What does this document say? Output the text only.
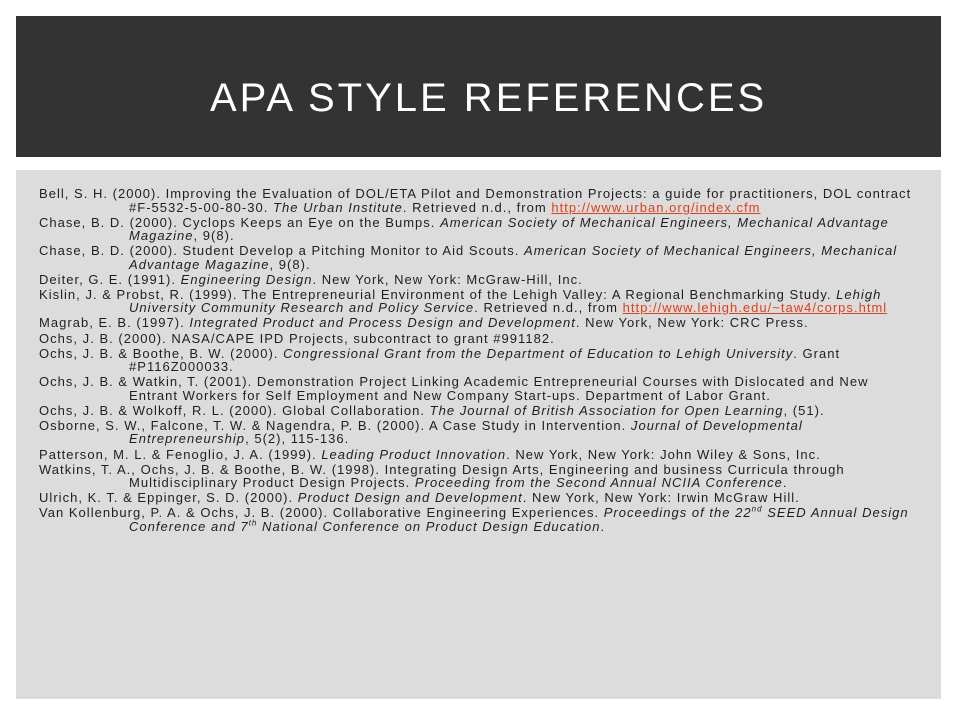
APA STYLE REFERENCES
Bell, S. H. (2000). Improving the Evaluation of DOL/ETA Pilot and Demonstration Projects: a guide for practitioners, DOL contract #F-5532-5-00-80-30. The Urban Institute. Retrieved n.d., from http://www.urban.org/index.cfm
Chase, B. D. (2000). Cyclops Keeps an Eye on the Bumps. American Society of Mechanical Engineers, Mechanical Advantage Magazine, 9(8).
Chase, B. D. (2000). Student Develop a Pitching Monitor to Aid Scouts. American Society of Mechanical Engineers, Mechanical Advantage Magazine, 9(8).
Deiter, G. E. (1991). Engineering Design. New York, New York: McGraw-Hill, Inc.
Kislin, J. & Probst, R. (1999). The Entrepreneurial Environment of the Lehigh Valley: A Regional Benchmarking Study. Lehigh University Community Research and Policy Service. Retrieved n.d., from http://www.lehigh.edu/~taw4/corps.html
Magrab, E. B. (1997). Integrated Product and Process Design and Development. New York, New York: CRC Press.
Ochs, J. B. (2000). NASA/CAPE IPD Projects, subcontract to grant #991182.
Ochs, J. B. & Boothe, B. W. (2000). Congressional Grant from the Department of Education to Lehigh University. Grant #P116Z000033.
Ochs, J. B. & Watkin, T. (2001). Demonstration Project Linking Academic Entrepreneurial Courses with Dislocated and New Entrant Workers for Self Employment and New Company Start-ups. Department of Labor Grant.
Ochs, J. B. & Wolkoff, R. L. (2000). Global Collaboration. The Journal of British Association for Open Learning, (51).
Osborne, S. W., Falcone, T. W. & Nagendra, P. B. (2000). A Case Study in Intervention. Journal of Developmental Entrepreneurship, 5(2), 115-136.
Patterson, M. L. & Fenoglio, J. A. (1999). Leading Product Innovation. New York, New York: John Wiley & Sons, Inc.
Watkins, T. A., Ochs, J. B. & Boothe, B. W. (1998). Integrating Design Arts, Engineering and business Curricula through Multidisciplinary Product Design Projects. Proceeding from the Second Annual NCIIA Conference.
Ulrich, K. T. & Eppinger, S. D. (2000). Product Design and Development. New York, New York: Irwin McGraw Hill.
Van Kollenburg, P. A. & Ochs, J. B. (2000). Collaborative Engineering Experiences. Proceedings of the 22nd SEED Annual Design Conference and 7th National Conference on Product Design Education.
